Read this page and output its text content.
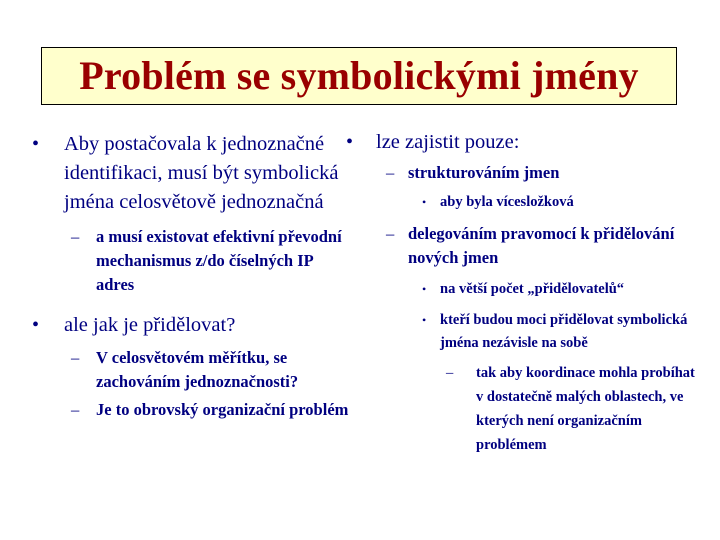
Problém se symbolickými jmény
• Aby postačovala k jednoznačné identifikaci, musí být symbolická jména celosvětově jednoznačná
– a musí existovat efektivní převodní mechanismus z/do číselných IP adres
• ale jak je přidělovat?
– V celosvětovém měřítku, se zachováním jednoznačnosti?
– Je to obrovský organizační problém
• lze zajistit pouze:
– strukturováním jmen
• aby byla vícesložková
– delegováním pravomocí k přidělování nových jmen
• na větší počet „přidělovatelů“
• kteří budou moci přidělovat symbolická jména nezávisle na sobě
– tak aby koordinace mohla probíhat v dostatečně malých oblastech, ve kterých není organizačním problémem
